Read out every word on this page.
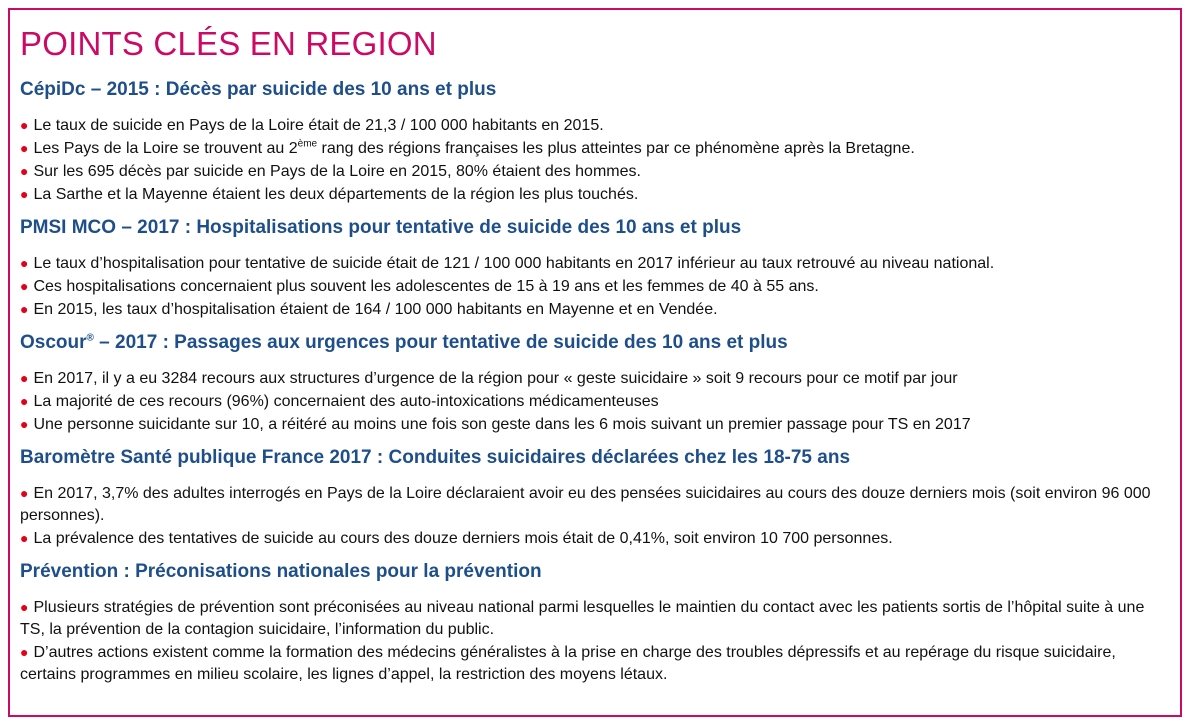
POINTS CLÉS EN REGION
CépiDc – 2015 : Décès par suicide des 10 ans et plus

● Le taux de suicide en Pays de la Loire était de 21,3 / 100 000 habitants en 2015.

● Les Pays de la Loire se trouvent au 2ème rang des régions françaises les plus atteintes par ce phénomène après la Bretagne.

● Sur les 695 décès par suicide en Pays de la Loire en 2015, 80% étaient des hommes.

● La Sarthe et la Mayenne étaient les deux départements de la région les plus touchés.

PMSI MCO – 2017 : Hospitalisations pour tentative de suicide des 10 ans et plus

● Le taux d’hospitalisation pour tentative de suicide était de 121 / 100 000 habitants en 2017 inférieur au taux retrouvé au niveau national.

● Ces hospitalisations concernaient plus souvent les adolescentes de 15 à 19 ans et les femmes de 40 à 55 ans.

● En 2015, les taux d’hospitalisation étaient de 164 / 100 000 habitants en Mayenne et en Vendée.

Oscour® – 2017 : Passages aux urgences pour tentative de suicide des 10 ans et plus

● En 2017, il y a eu 3284 recours aux structures d’urgence de la région pour « geste suicidaire » soit 9 recours pour ce motif par jour

● La majorité de ces recours (96%) concernaient des auto-intoxications médicamenteuses

● Une personne suicidante sur 10, a réitéré au moins une fois son geste dans les 6 mois suivant un premier passage pour TS en 2017

Baromètre Santé publique France 2017 : Conduites suicidaires déclarées chez les 18-75 ans

● En 2017, 3,7% des adultes interrogés en Pays de la Loire déclaraient avoir eu des pensées suicidaires au cours des douze derniers mois (soit environ 96 000 personnes).

● La prévalence des tentatives de suicide au cours des douze derniers mois était de 0,41%, soit environ 10 700 personnes.

Prévention : Préconisations nationales pour la prévention

● Plusieurs stratégies de prévention sont préconisées au niveau national parmi lesquelles le maintien du contact avec les patients sortis de l’hôpital suite à une TS, la prévention de la contagion suicidaire, l’information du public.

● D’autres actions existent comme la formation des médecins généralistes à la prise en charge des troubles dépressifs et au repérage du risque suicidaire, certains programmes en milieu scolaire, les lignes d’appel, la restriction des moyens létaux.
